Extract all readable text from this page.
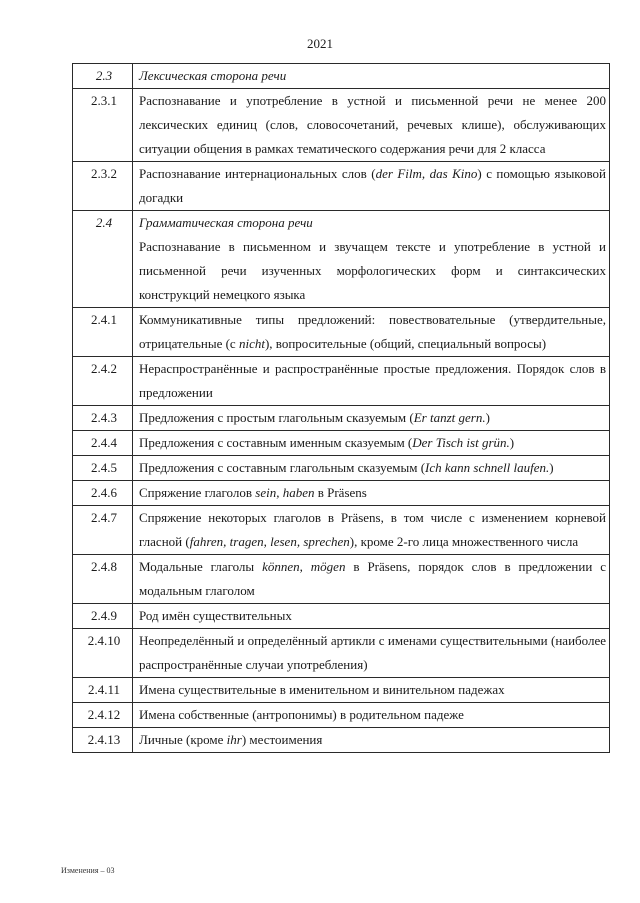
2021
2.3	Лексическая сторона речи
2.3.1	Распознавание и употребление в устной и письменной речи не менее 200 лексических единиц (слов, словосочетаний, речевых клише), обслуживающих ситуации общения в рамках тематического содержания речи для 2 класса
2.3.2	Распознавание интернациональных слов (der Film, das Kino) с помощью языковой догадки
2.4	Грамматическая сторона речи
Распознавание в письменном и звучащем тексте и употребление в устной и письменной речи изученных морфологических форм и синтаксических конструкций немецкого языка
2.4.1	Коммуникативные типы предложений: повествовательные (утвердительные, отрицательные (с nicht), вопросительные (общий, специальный вопросы)
2.4.2	Нераспространённые и распространённые простые предложения. Порядок слов в предложении
2.4.3	Предложения с простым глагольным сказуемым (Er tanzt gern.)
2.4.4	Предложения с составным именным сказуемым (Der Tisch ist grün.)
2.4.5	Предложения с составным глагольным сказуемым (Ich kann schnell laufen.)
2.4.6	Спряжение глаголов sein, haben в Präsens
2.4.7	Спряжение некоторых глаголов в Präsens, в том числе с изменением корневой гласной (fahren, tragen, lesen, sprechen), кроме 2-го лица множественного числа
2.4.8	Модальные глаголы können, mögen в Präsens, порядок слов в предложении с модальным глаголом
2.4.9	Род имён существительных
2.4.10	Неопределённый и определённый артикли с именами существительными (наиболее распространённые случаи употребления)
2.4.11	Имена существительные в именительном и винительном падежах
2.4.12	Имена собственные (антропонимы) в родительном падеже
2.4.13	Личные (кроме ihr) местоимения
Изменения – 03
